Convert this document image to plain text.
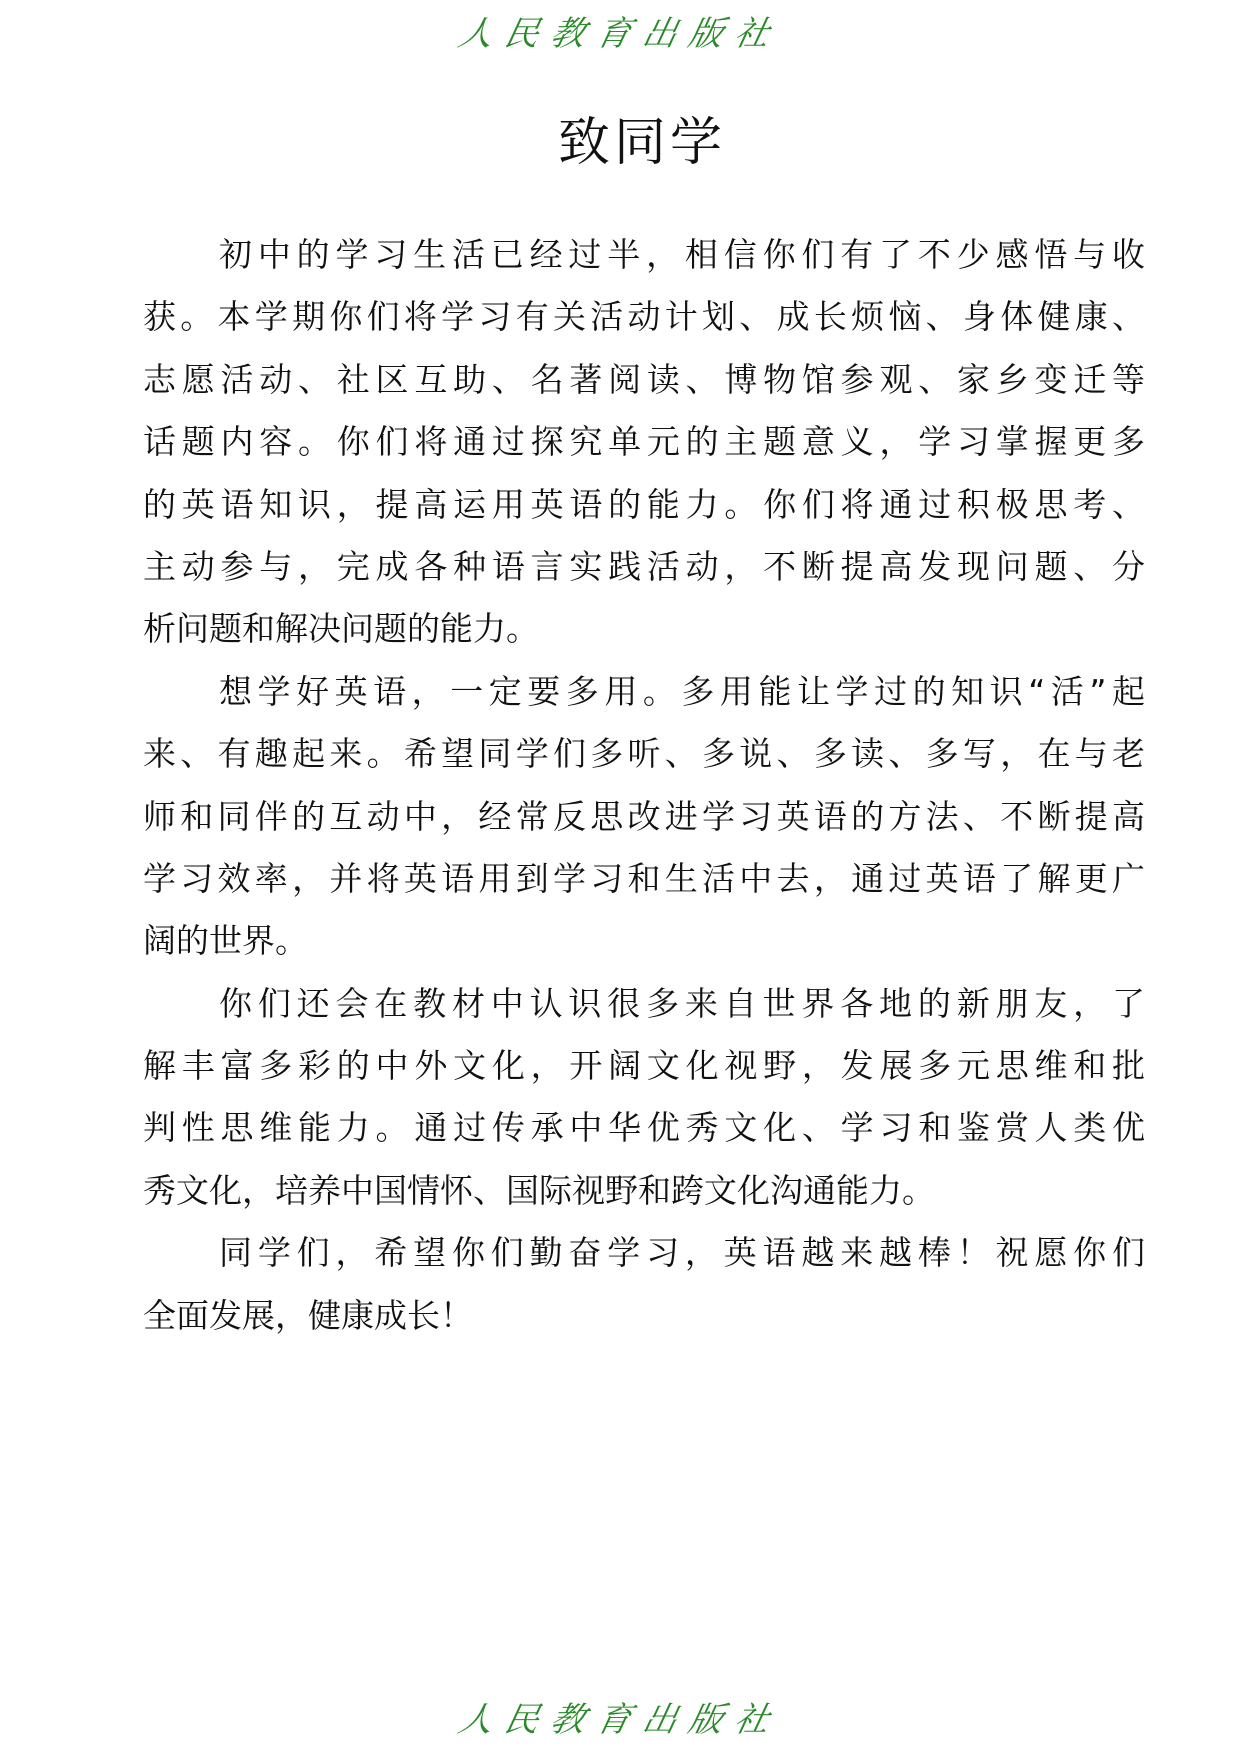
人民教育出版社
致同学
初中的学习生活已经过半，相信你们有了不少感悟与收
获。本学期你们将学习有关活动计划、成长烦恼、身体健康、
志愿活动、社区互助、名著阅读、博物馆参观、家乡变迁等
话题内容。你们将通过探究单元的主题意义，学习掌握更多
的英语知识，提高运用英语的能力。你们将通过积极思考、
主动参与，完成各种语言实践活动，不断提高发现问题、分
析问题和解决问题的能力。
想学好英语，一定要多用。多用能让学过的知识“活”起
来、有趣起来。希望同学们多听、多说、多读、多写，在与老
师和同伴的互动中，经常反思改进学习英语的方法、不断提高
学习效率，并将英语用到学习和生活中去，通过英语了解更广
阔的世界。
你们还会在教材中认识很多来自世界各地的新朋友，了
解丰富多彩的中外文化，开阔文化视野，发展多元思维和批
判性思维能力。通过传承中华优秀文化、学习和鉴赏人类优
秀文化，培养中国情怀、国际视野和跨文化沟通能力。
同学们，希望你们勤奋学习，英语越来越棒！祝愿你们
全面发展，健康成长！
人民教育出版社
